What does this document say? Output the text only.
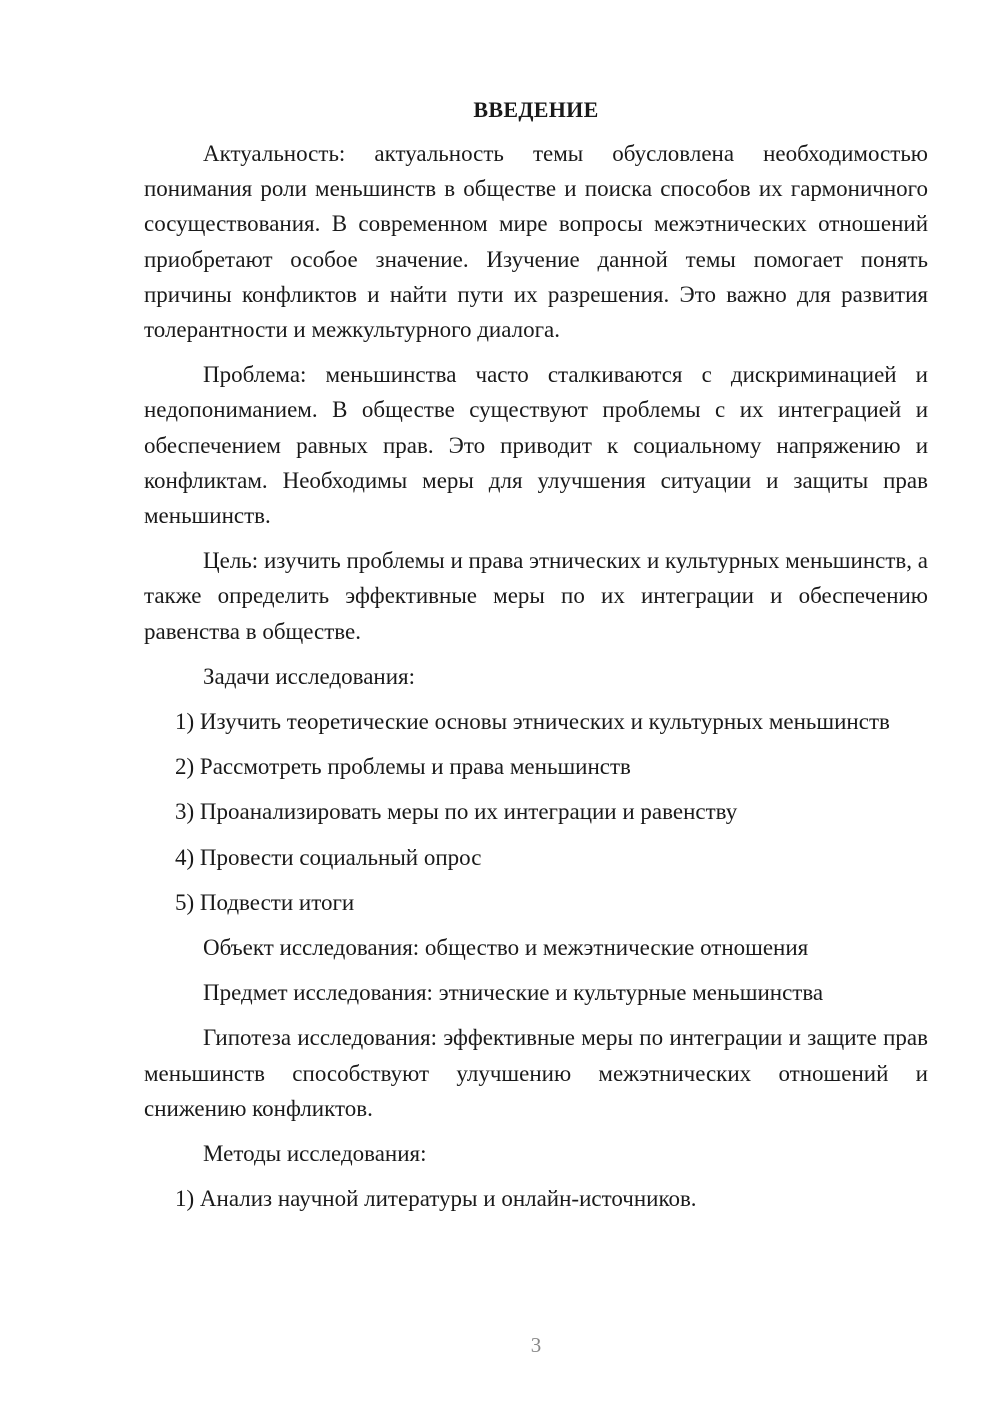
ВВЕДЕНИЕ

Актуальность: актуальность темы обусловлена необходимостью понимания роли меньшинств в обществе и поиска способов их гармоничного сосуществования. В современном мире вопросы межэтнических отношений приобретают особое значение. Изучение данной темы помогает понять причины конфликтов и найти пути их разрешения. Это важно для развития толерантности и межкультурного диалога.

Проблема: меньшинства часто сталкиваются с дискриминацией и недопониманием. В обществе существуют проблемы с их интеграцией и обеспечением равных прав. Это приводит к социальному напряжению и конфликтам. Необходимы меры для улучшения ситуации и защиты прав меньшинств.

Цель: изучить проблемы и права этнических и культурных меньшинств, а также определить эффективные меры по их интеграции и обеспечению равенства в обществе.

Задачи исследования:

1) Изучить теоретические основы этнических и культурных меньшинств

2) Рассмотреть проблемы и права меньшинств

3) Проанализировать меры по их интеграции и равенству

4) Провести социальный опрос

5) Подвести итоги

Объект исследования: общество и межэтнические отношения

Предмет исследования: этнические и культурные меньшинства

Гипотеза исследования: эффективные меры по интеграции и защите прав меньшинств способствуют улучшению межэтнических отношений и снижению конфликтов.

Методы исследования:

1) Анализ научной литературы и онлайн-источников.

3
